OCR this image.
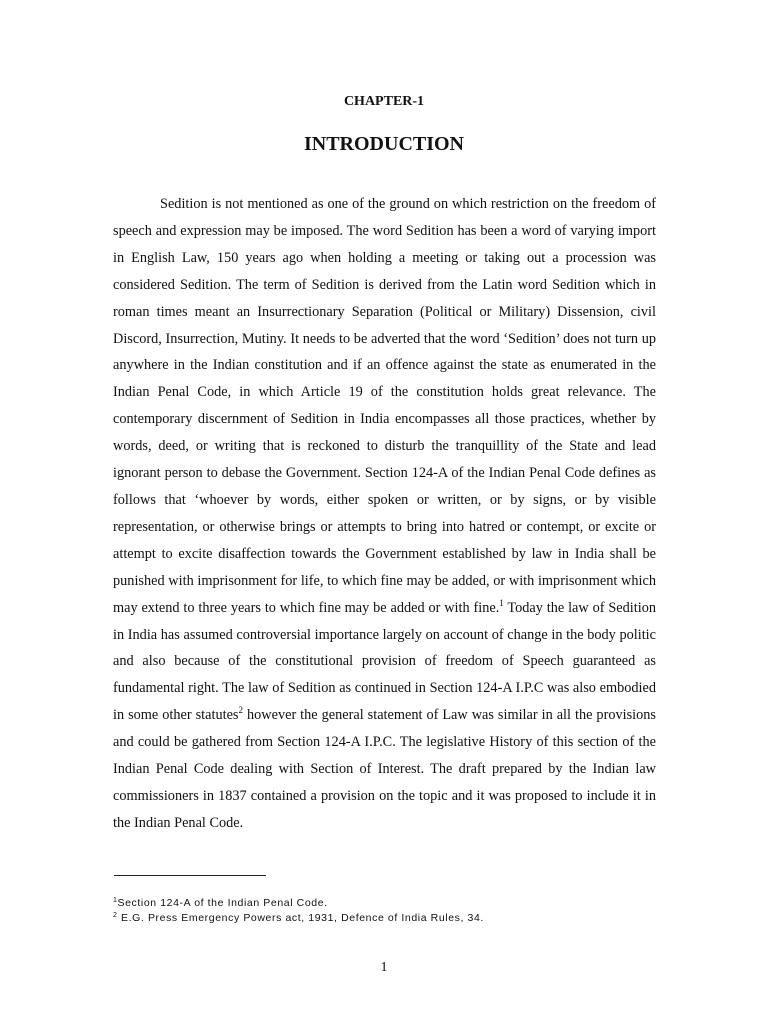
CHAPTER-1
INTRODUCTION

Sedition is not mentioned as one of the ground on which restriction on the freedom of speech and expression may be imposed. The word Sedition has been a word of varying import in English Law, 150 years ago when holding a meeting or taking out a procession was considered Sedition. The term of Sedition is derived from the Latin word Sedition which in roman times meant an Insurrectionary Separation (Political or Military) Dissension, civil Discord, Insurrection, Mutiny. It needs to be adverted that the word ‘Sedition’ does not turn up anywhere in the Indian constitution and if an offence against the state as enumerated in the Indian Penal Code, in which Article 19 of the constitution holds great relevance. The contemporary discernment of Sedition in India encompasses all those practices, whether by words, deed, or writing that is reckoned to disturb the tranquillity of the State and lead ignorant person to debase the Government. Section 124-A of the Indian Penal Code defines as follows that ‘whoever by words, either spoken or written, or by signs, or by visible representation, or otherwise brings or attempts to bring into hatred or contempt, or excite or attempt to excite disaffection towards the Government established by law in India shall be punished with imprisonment for life, to which fine may be added, or with imprisonment which may extend to three years to which fine may be added or with fine.$^1$ Today the law of Sedition in India has assumed controversial importance largely on account of change in the body politic and also because of the constitutional provision of freedom of Speech guaranteed as fundamental right. The law of Sedition as continued in Section 124-A I.P.C was also embodied in some other statutes$^2$ however the general statement of Law was similar in all the provisions and could be gathered from Section 124-A I.P.C. The legislative History of this section of the Indian Penal Code dealing with Section of Interest. The draft prepared by the Indian law commissioners in 1837 contained a provision on the topic and it was proposed to include it in the Indian Penal Code.

$^1$Section 124-A of the Indian Penal Code.
$^2$ E.G. Press Emergency Powers act, 1931, Defence of India Rules, 34.
1
